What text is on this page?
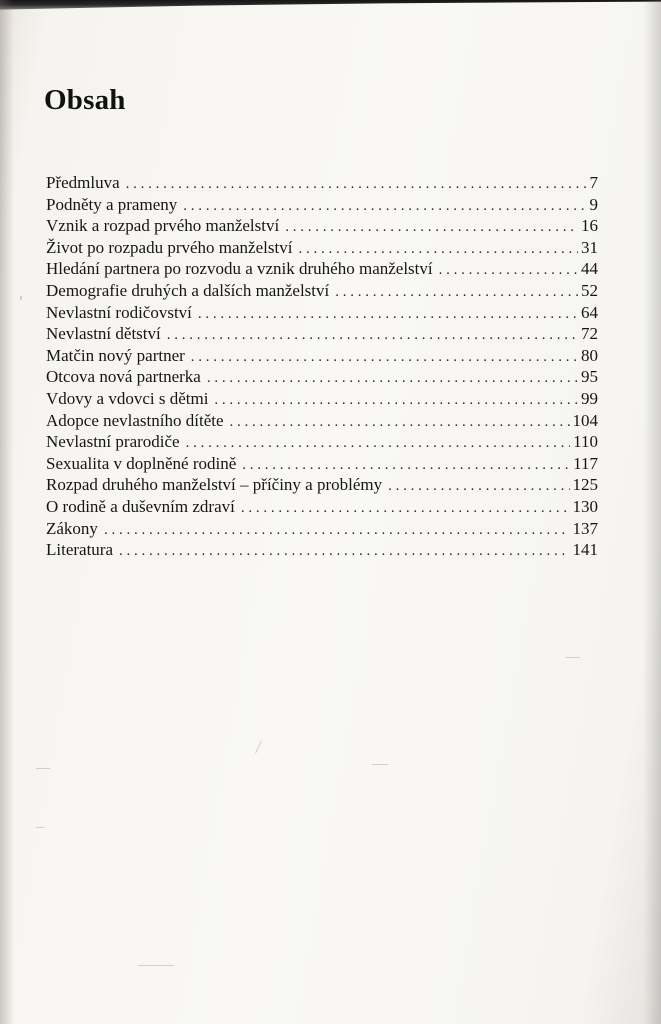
Obsah
Předmluva . . .	7
Podněty a prameny . . .	9
Vznik a rozpad prvého manželství . . .	16
Život po rozpadu prvého manželství . . .	31
Hledání partnera po rozvodu a vznik druhého manželství . . .	44
Demografie druhých a dalších manželství . . .	52
Nevlastní rodičovství . . .	64
Nevlastní dětství . . .	72
Matčin nový partner . . .	80
Otcova nová partnerka . . .	95
Vdovy a vdovci s dětmi . . .	99
Adopce nevlastního dítěte . . .	104
Nevlastní prarodiče . . .	110
Sexualita v doplněné rodině . . .	117
Rozpad druhého manželství – příčiny a problémy . . .	125
O rodině a duševním zdraví . . .	130
Zákony . . .	137
Literatura . . .	141
